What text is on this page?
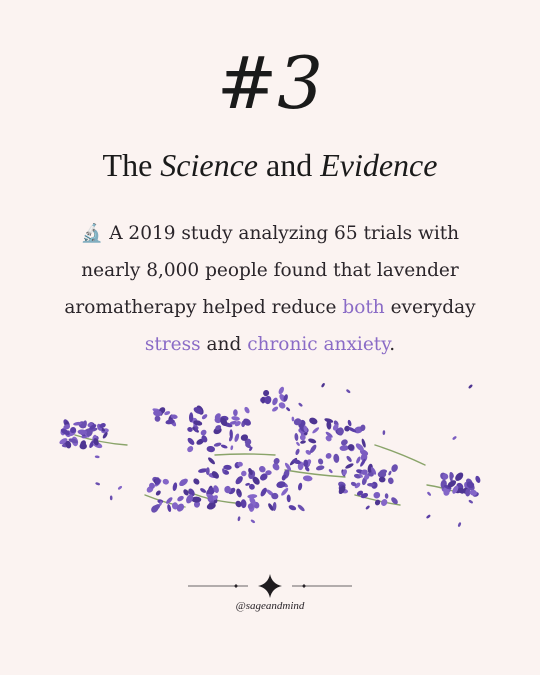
#3
The Science and Evidence
🔬 A 2019 study analyzing 65 trials with nearly 8,000 people found that lavender aromatherapy helped reduce both everyday stress and chronic anxiety.
@sageandmind
